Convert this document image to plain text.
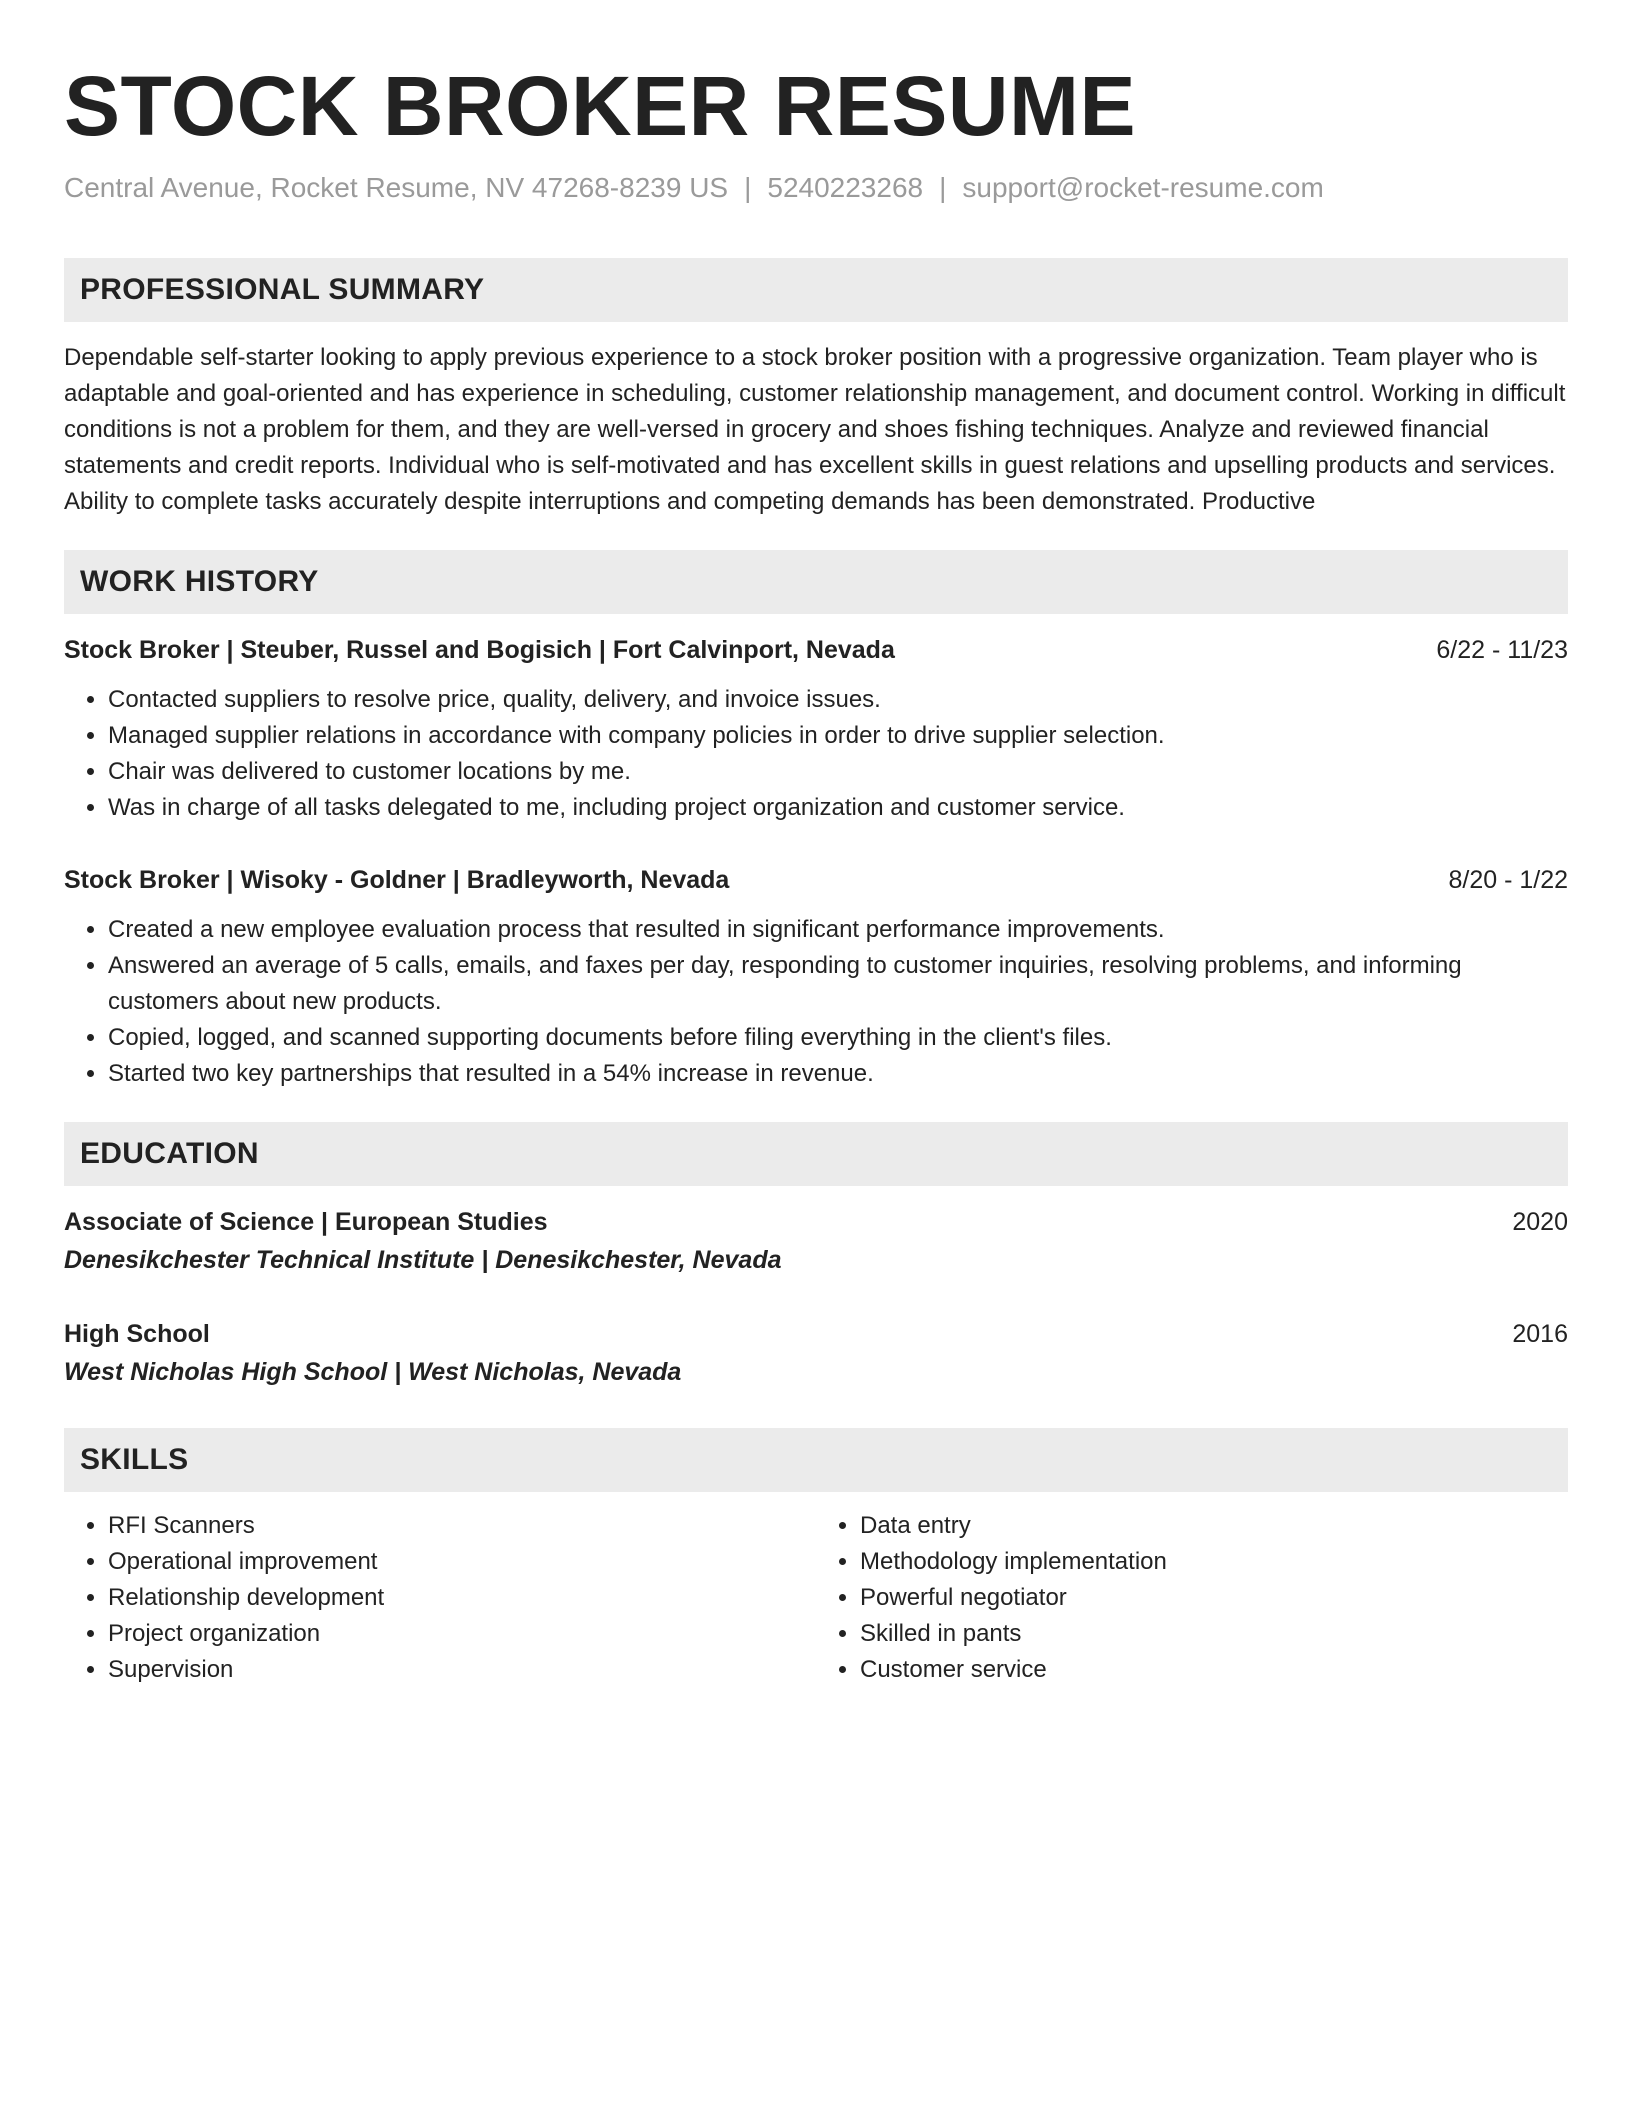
STOCK BROKER RESUME
Central Avenue, Rocket Resume, NV 47268-8239 US | 5240223268 | support@rocket-resume.com
PROFESSIONAL SUMMARY
Dependable self-starter looking to apply previous experience to a stock broker position with a progressive organization. Team player who is adaptable and goal-oriented and has experience in scheduling, customer relationship management, and document control. Working in difficult conditions is not a problem for them, and they are well-versed in grocery and shoes fishing techniques. Analyze and reviewed financial statements and credit reports. Individual who is self-motivated and has excellent skills in guest relations and upselling products and services. Ability to complete tasks accurately despite interruptions and competing demands has been demonstrated. Productive
WORK HISTORY
Stock Broker | Steuber, Russel and Bogisich | Fort Calvinport, Nevada	6/22 - 11/23
• Contacted suppliers to resolve price, quality, delivery, and invoice issues.
• Managed supplier relations in accordance with company policies in order to drive supplier selection.
• Chair was delivered to customer locations by me.
• Was in charge of all tasks delegated to me, including project organization and customer service.
Stock Broker | Wisoky - Goldner | Bradleyworth, Nevada	8/20 - 1/22
• Created a new employee evaluation process that resulted in significant performance improvements.
• Answered an average of 5 calls, emails, and faxes per day, responding to customer inquiries, resolving problems, and informing customers about new products.
• Copied, logged, and scanned supporting documents before filing everything in the client's files.
• Started two key partnerships that resulted in a 54% increase in revenue.
EDUCATION
Associate of Science | European Studies	2020
Denesikchester Technical Institute | Denesikchester, Nevada
High School	2016
West Nicholas High School | West Nicholas, Nevada
SKILLS
• RFI Scanners
• Operational improvement
• Relationship development
• Project organization
• Supervision
• Data entry
• Methodology implementation
• Powerful negotiator
• Skilled in pants
• Customer service
